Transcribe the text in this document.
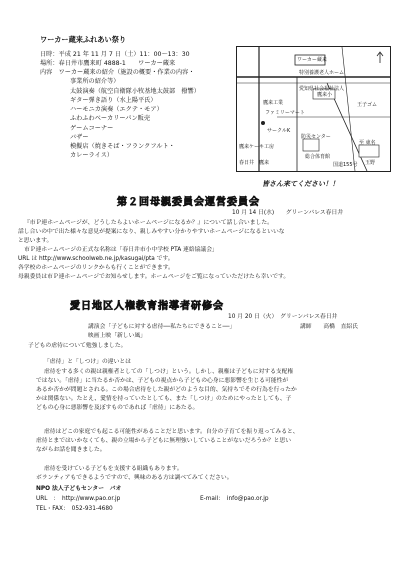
ワーカー蔵来ふれあい祭り
日時：平成 21 年 11 月 7 日（土）11：00～13：30
場所：春日井市鷹来町 4888-1　　ワーカー蔵来
内容　ワーカー蔵来の紹介（施設の概要・作業の内容・
事業所の紹介等）
太鼓演奏（航空自衛隊小牧基地太鼓部　撥響）
ギター弾き語り（水上陽平氏）
ハーモニカ演奏（エクテ・モア）
ふわふわベーカリーパン販売
ゲームコーナー
バザー
模擬店（焼きそば・フランクフルト・
カレーライス）
ワーカー蔵来
特別養護老人ホーム
愛知県社会福祉法人
鷹来工業
鷹来小
王子ゴム
ファミリーマート
サークルK
防災センター
鷹来ケーキ工房
春日井　鷹来
総合体育館
至 東名
国道155号 玉野
皆さん来てください！！
第２回母親委員会運営委員会
10 月 14 日(水)　　グリーンパレス春日井
『市Ｐ連ホームページが、どうしたらよいホームページになるか？』について話し合いました。
話し合いの中で出た様々な意見が提案になり、親しみやすい分かりやすいホームページになるといいな
と思います。
市Ｐ連ホームページの正式な名称は「春日井市小中学校 PTA 連絡協議会」
URL は http://www.schoolweb.ne.jp/kasugai/pta です。
各学校のホームページのリンクからも行くことができます。
母親委員は市Ｐ連ホームページでお知らせします。ホームページをご覧になっていただけたら幸いです。
愛日地区人権教育指導者研修会
10 月 20 日（火）　グリーンパレス春日井
講演会「子どもに対する虐待──私たちにできること──」	講師　　高橋　直紹氏
映画上映「新しい風」
子どもの虐待について勉強しました。
「虐待」と「しつけ」の違いとは
虐待をする多くの親は親権者としての「しつけ」という。しかし、親権は子どもに対する支配権
ではない。「虐待」に当たるか否かは、子どもの視点から子どもの心身に悪影響を生じる可能性が
あるか否かが問題とされる。この場合虐待をした親がどのような目的、気持ちでその行為を行ったか
かは関係ない。たとえ、愛情を持っていたとしても、また「しつけ」のためにやったとしても、子
どもの心身に悪影響を及ぼすものであれば「虐待」にあたる。
虐待はどこの家庭でも起こる可能性があることだと思います。自分の子育てを振り返ってみると、
虐待とまではいかなくても、親の立場から子どもに無理強いしていることがないだろうか？と思い
ながらお話を聞きました。
虐待を受けている子どもを支援する組織もあります。
ボランティアもできるようですので、興味のある方は調べてみてください。
NPO 法人子どもセンター　パオ
URL　：　http://www.pao.or.jp	E-mail：　info@pao.or.jp
TEL・FAX：　052-931-4680
